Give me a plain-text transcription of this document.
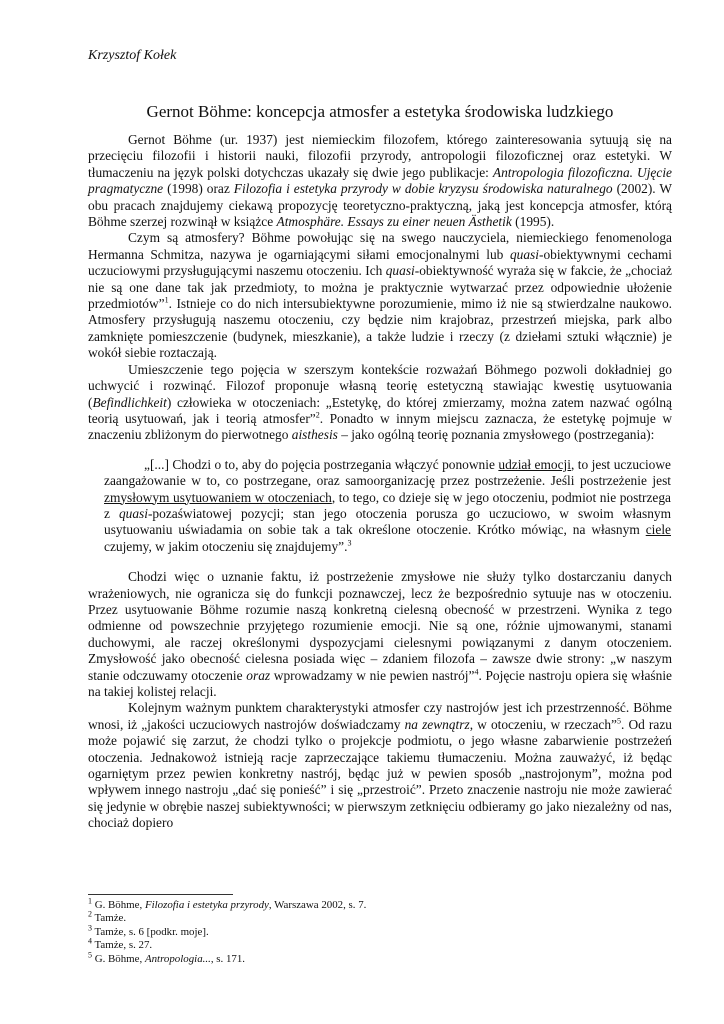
Krzysztof Kołek
Gernot Böhme: koncepcja atmosfer a estetyka środowiska ludzkiego

Gernot Böhme (ur. 1937) jest niemieckim filozofem, którego zainteresowania sytuują się na przecięciu filozofii i historii nauki, filozofii przyrody, antropologii filozoficznej oraz estetyki. W tłumaczeniu na język polski dotychczas ukazały się dwie jego publikacje: Antropologia filozoficzna. Ujęcie pragmatyczne (1998) oraz Filozofia i estetyka przyrody w dobie kryzysu środowiska naturalnego (2002). W obu pracach znajdujemy ciekawą propozycję teoretyczno-praktyczną, jaką jest koncepcja atmosfer, którą Böhme szerzej rozwinął w książce Atmosphäre. Essays zu einer neuen Ästhetik (1995).

Czym są atmosfery? Böhme powołując się na swego nauczyciela, niemieckiego fenomenologa Hermanna Schmitza, nazywa je ogarniającymi siłami emocjonalnymi lub quasi-obiektywnymi cechami uczuciowymi przysługującymi naszemu otoczeniu. Ich quasi-obiektywność wyraża się w fakcie, że „chociaż nie są one dane tak jak przedmioty, to można je praktycznie wytwarzać przez odpowiednie ułożenie przedmiotów”$^1$. Istnieje co do nich intersubiektywne porozumienie, mimo iż nie są stwierdzalne naukowo. Atmosfery przysługują naszemu otoczeniu, czy będzie nim krajobraz, przestrzeń miejska, park albo zamknięte pomieszczenie (budynek, mieszkanie), a także ludzie i rzeczy (z dziełami sztuki włącznie) je wokół siebie roztaczają.

Umieszczenie tego pojęcia w szerszym kontekście rozważań Böhmego pozwoli dokładniej go uchwycić i rozwinąć. Filozof proponuje własną teorię estetyczną stawiając kwestię usytuowania (Befindlichkeit) człowieka w otoczeniach: „Estetykę, do której zmierzamy, można zatem nazwać ogólną teorią usytuowań, jak i teorią atmosfer”$^2$. Ponadto w innym miejscu zaznacza, że estetykę pojmuje w znaczeniu zbliżonym do pierwotnego aisthesis – jako ogólną teorię poznania zmysłowego (postrzegania):

„[...] Chodzi o to, aby do pojęcia postrzegania włączyć ponownie udział emocji, to jest uczuciowe zaangażowanie w to, co postrzegane, oraz samoorganizację przez postrzeżenie. Jeśli postrzeżenie jest zmysłowym usytuowaniem w otoczeniach, to tego, co dzieje się w jego otoczeniu, podmiot nie postrzega z quasi-pozaświatowej pozycji; stan jego otoczenia porusza go uczuciowo, w swoim własnym usytuowaniu uświadamia on sobie tak a tak określone otoczenie. Krótko mówiąc, na własnym ciele czujemy, w jakim otoczeniu się znajdujemy”.$^3$

Chodzi więc o uznanie faktu, iż postrzeżenie zmysłowe nie służy tylko dostarczaniu danych wrażeniowych, nie ogranicza się do funkcji poznawczej, lecz że bezpośrednio sytuuje nas w otoczeniu. Przez usytuowanie Böhme rozumie naszą konkretną cielesną obecność w przestrzeni. Wynika z tego odmienne od powszechnie przyjętego rozumienie emocji. Nie są one, różnie ujmowanymi, stanami duchowymi, ale raczej określonymi dyspozycjami cielesnymi powiązanymi z danym otoczeniem. Zmysłowość jako obecność cielesna posiada więc – zdaniem filozofa – zawsze dwie strony: „w naszym stanie odczuwamy otoczenie oraz wprowadzamy w nie pewien nastrój”$^4$. Pojęcie nastroju opiera się właśnie na takiej kolistej relacji.

Kolejnym ważnym punktem charakterystyki atmosfer czy nastrojów jest ich przestrzenność. Böhme wnosi, iż „jakości uczuciowych nastrojów doświadczamy na zewnątrz, w otoczeniu, w rzeczach”$^5$. Od razu może pojawić się zarzut, że chodzi tylko o projekcje podmiotu, o jego własne zabarwienie postrzeżeń otoczenia. Jednakowoż istnieją racje zaprzeczające takiemu tłumaczeniu. Można zauważyć, iż będąc ogarniętym przez pewien konkretny nastrój, będąc już w pewien sposób „nastrojonym”, można pod wpływem innego nastroju „dać się ponieść” i się „przestroić”. Przeto znaczenie nastroju nie może zawierać się jedynie w obrębie naszej subiektywności; w pierwszym zetknięciu odbieramy go jako niezależny od nas, chociaż dopiero

$^1$ G. Böhme, Filozofia i estetyka przyrody, Warszawa 2002, s. 7.
$^2$ Tamże.
$^3$ Tamże, s. 6 [podkr. moje].
$^4$ Tamże, s. 27.
$^5$ G. Böhme, Antropologia..., s. 171.
